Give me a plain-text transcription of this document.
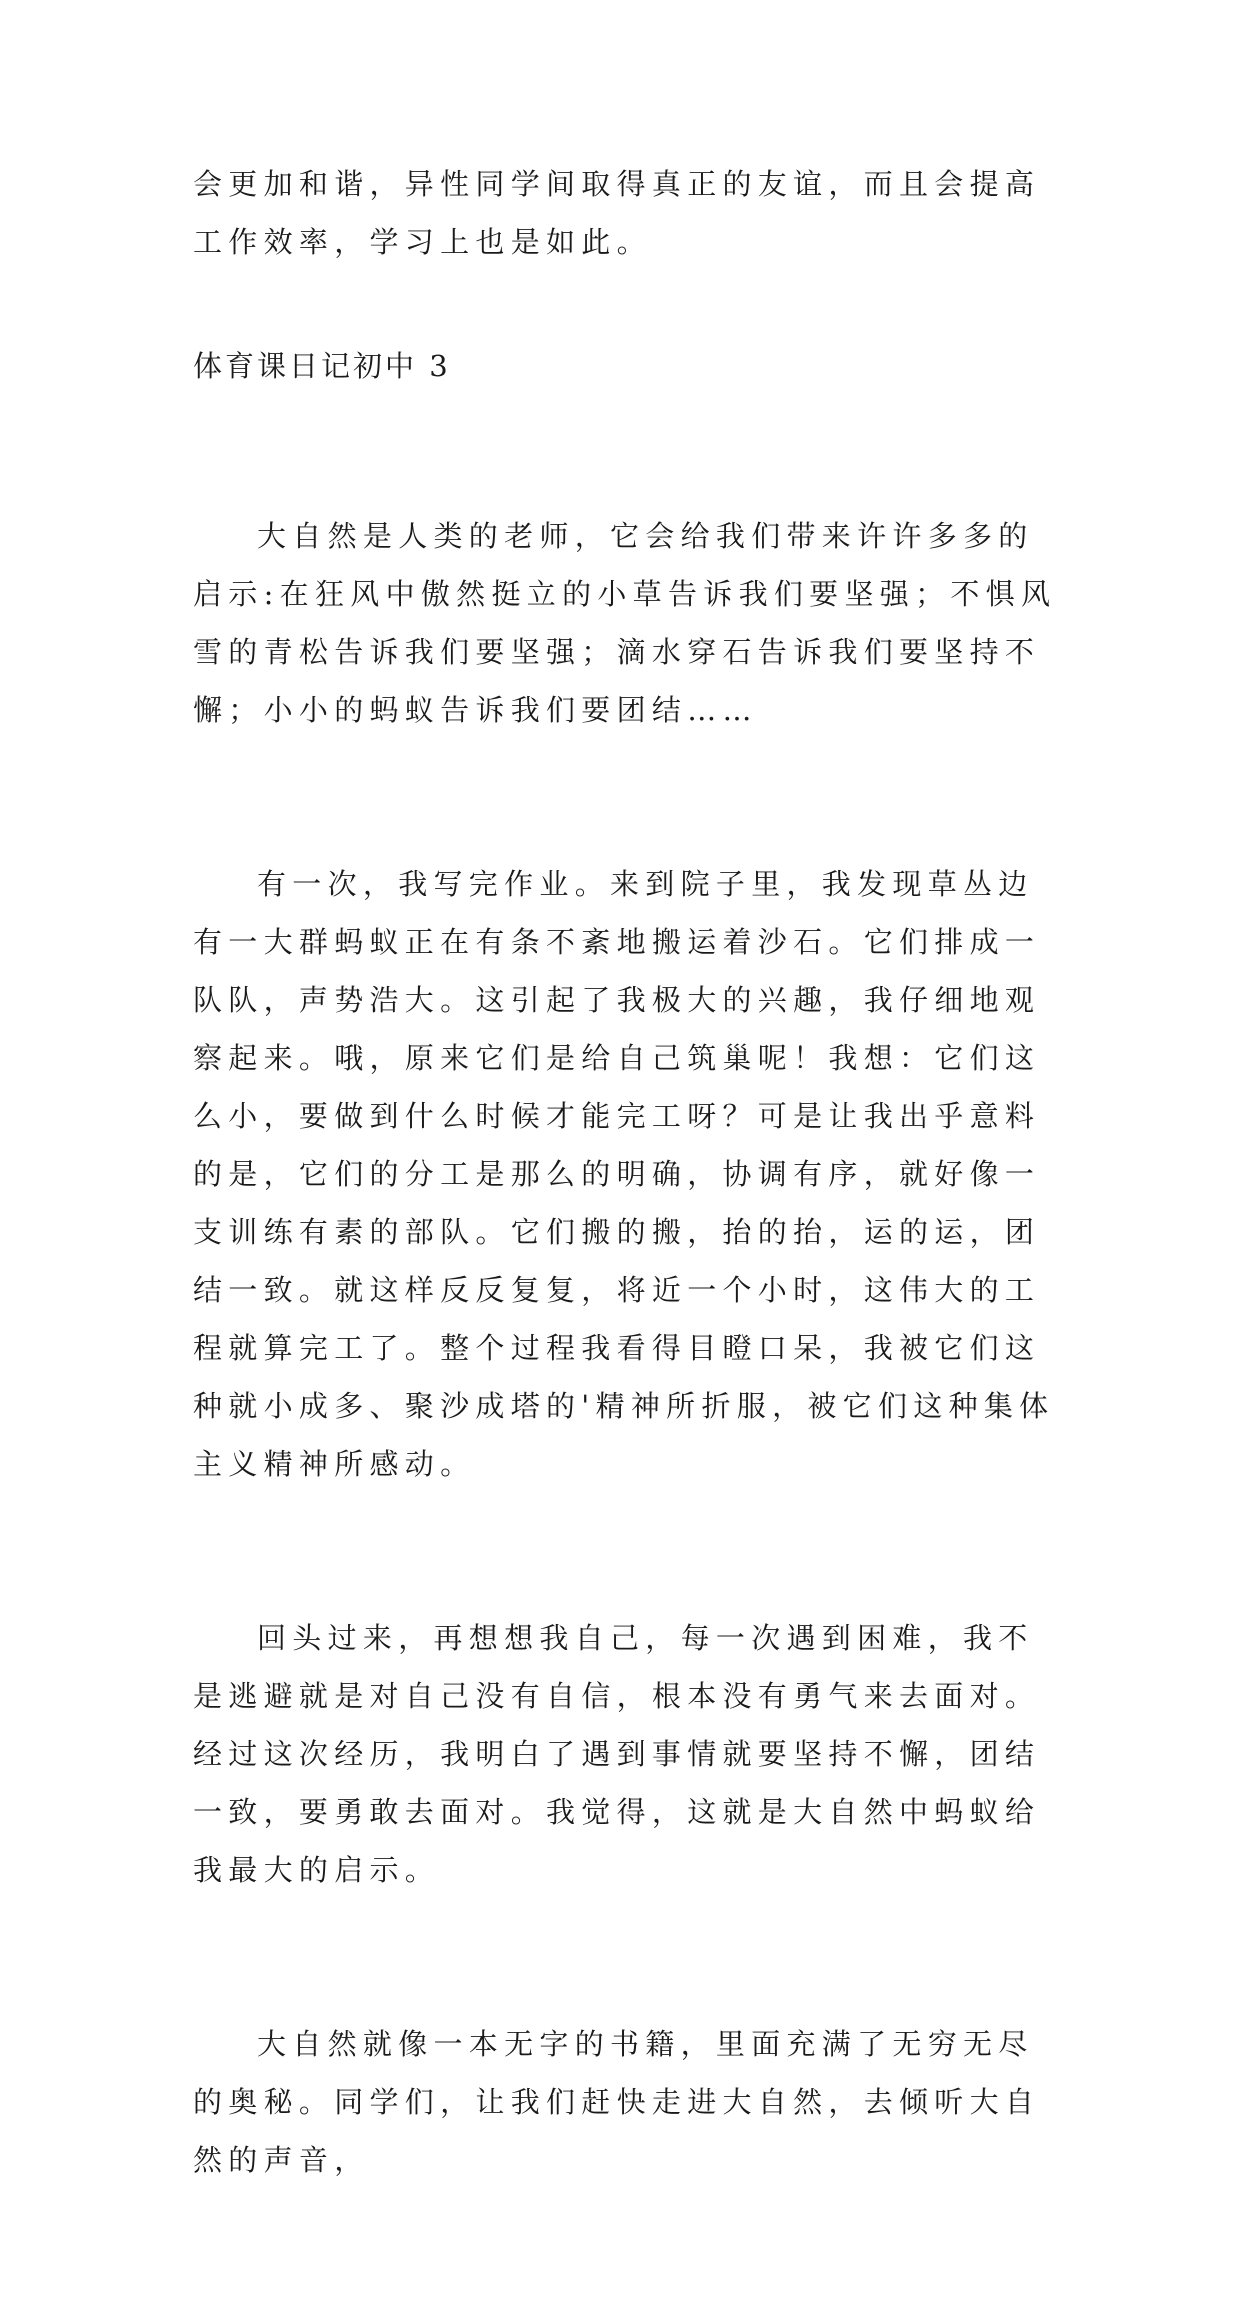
会更加和谐，异性同学间取得真正的友谊，而且会提高工作效率，学习上也是如此。

体育课日记初中 3

大自然是人类的老师，它会给我们带来许许多多的启示:在狂风中傲然挺立的小草告诉我们要坚强；不惧风雪的青松告诉我们要坚强；滴水穿石告诉我们要坚持不懈；小小的蚂蚁告诉我们要团结……

有一次，我写完作业。来到院子里，我发现草丛边有一大群蚂蚁正在有条不紊地搬运着沙石。它们排成一队队，声势浩大。这引起了我极大的兴趣，我仔细地观察起来。哦，原来它们是给自己筑巢呢！我想：它们这么小，要做到什么时候才能完工呀？可是让我出乎意料的是，它们的分工是那么的明确，协调有序，就好像一支训练有素的部队。它们搬的搬，抬的抬，运的运，团结一致。就这样反反复复，将近一个小时，这伟大的工程就算完工了。整个过程我看得目瞪口呆，我被它们这种就小成多、聚沙成塔的'精神所折服，被它们这种集体主义精神所感动。

回头过来，再想想我自己，每一次遇到困难，我不是逃避就是对自己没有自信，根本没有勇气来去面对。经过这次经历，我明白了遇到事情就要坚持不懈，团结一致，要勇敢去面对。我觉得，这就是大自然中蚂蚁给我最大的启示。

大自然就像一本无字的书籍，里面充满了无穷无尽的奥秘。同学们，让我们赶快走进大自然，去倾听大自然的声音，
